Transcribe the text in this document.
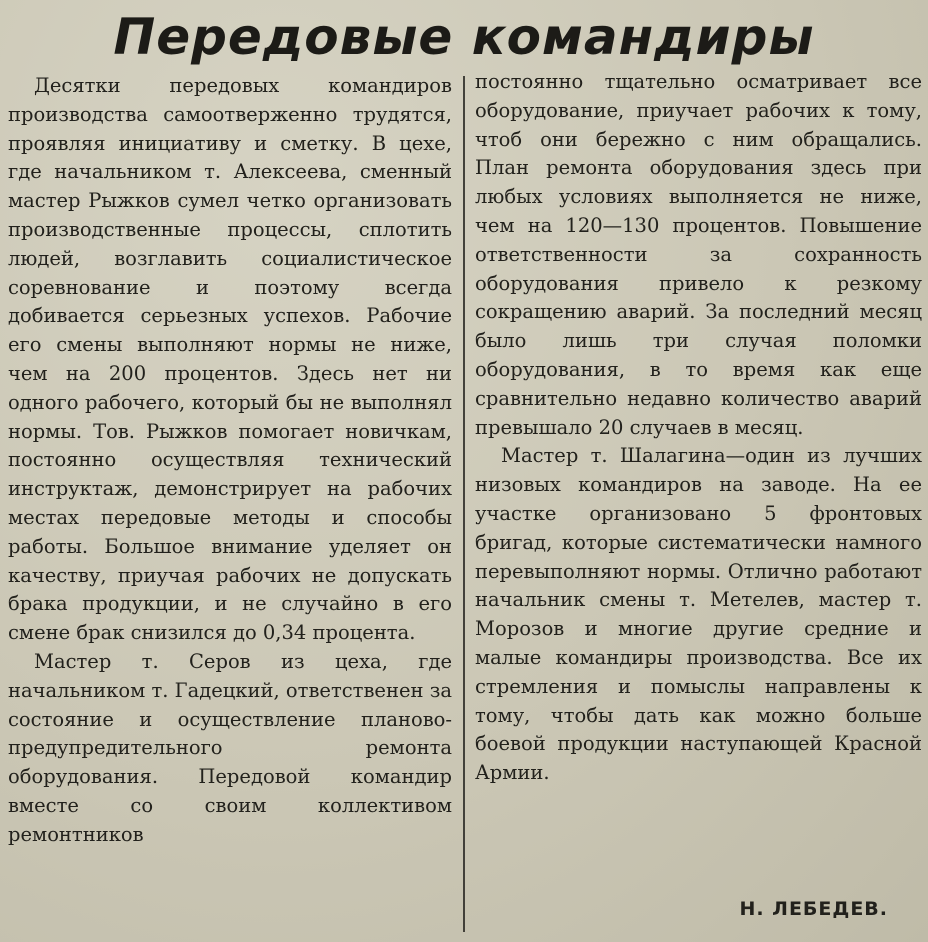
Передовые командиры

Десятки передовых командиров производства самоотверженно трудятся, проявляя инициативу и сметку. В цехе, где начальником т. Алексеева, сменный мастер Рыжков сумел четко организовать производственные процессы, сплотить людей, возглавить социалистическое соревнование и поэтому всегда добивается серьезных успехов. Рабочие его смены выполняют нормы не ниже, чем на 200 процентов. Здесь нет ни одного рабочего, который бы не выполнял нормы. Тов. Рыжков помогает новичкам, постоянно осуществляя технический инструктаж, демонстрирует на рабочих местах передовые методы и способы работы. Большое внимание уделяет он качеству, приучая рабочих не допускать брака продукции, и не случайно в его смене брак снизился до 0,34 процента.

Мастер т. Серов из цеха, где начальником т. Гадецкий, ответственен за состояние и осуществление планово-предупредительного ремонта оборудования. Передовой командир вместе со своим коллективом ремонтников

постоянно тщательно осматривает все оборудование, приучает рабочих к тому, чтоб они бережно с ним обращались. План ремонта оборудования здесь при любых условиях выполняется не ниже, чем на 120—130 процентов. Повышение ответственности за сохранность оборудования привело к резкому сокращению аварий. За последний месяц было лишь три случая поломки оборудования, в то время как еще сравнительно недавно количество аварий превышало 20 случаев в месяц.

Мастер т. Шалагина—один из лучших низовых командиров на заводе. На ее участке организовано 5 фронтовых бригад, которые систематически намного перевыполняют нормы. Отлично работают начальник смены т. Метелев, мастер т. Морозов и многие другие средние и малые командиры производства. Все их стремления и помыслы направлены к тому, чтобы дать как можно больше боевой продукции наступающей Красной Армии.

Н. ЛЕБЕДЕВ.
